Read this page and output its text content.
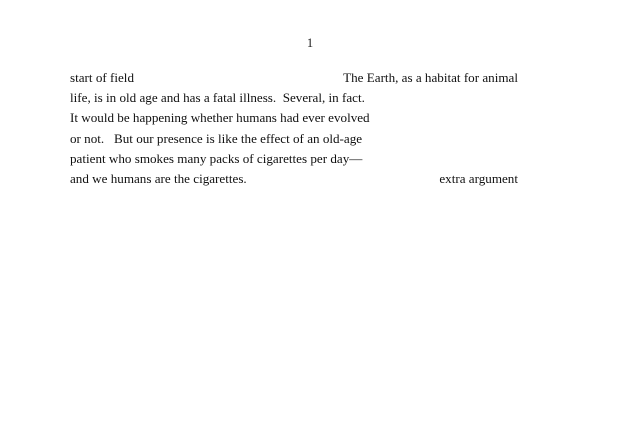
1
start of field	The Earth, as a habitat for animal
life, is in old age and has a fatal illness.  Several, in fact.
It would be happening whether humans had ever evolved
or not.   But our presence is like the effect of an old-age
patient who smokes many packs of cigarettes per day—
and we humans are the cigarettes.	extra argument
